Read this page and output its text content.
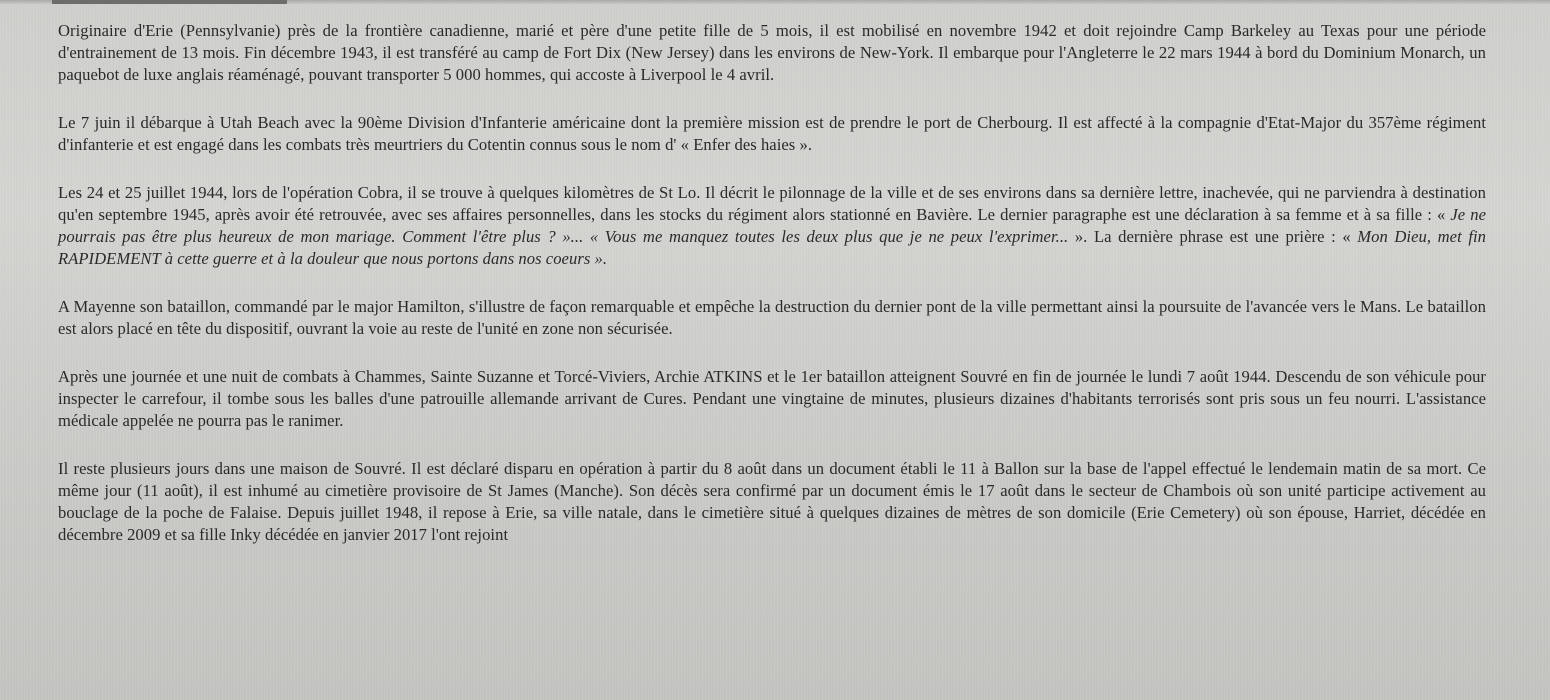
Originaire d'Erie (Pennsylvanie) près de la frontière canadienne, marié et père d'une petite fille de 5 mois, il est mobilisé en novembre 1942 et doit rejoindre Camp Barkeley au Texas pour une période d'entrainement de 13 mois. Fin décembre 1943, il est transféré au camp de Fort Dix (New Jersey) dans les environs de New-York. Il embarque pour l'Angleterre le 22 mars 1944 à bord du Dominium Monarch, un paquebot de luxe anglais réaménagé, pouvant transporter 5 000 hommes, qui accoste à Liverpool le 4 avril.

Le 7 juin il débarque à Utah Beach avec la 90ème Division d'Infanterie américaine dont la première mission est de prendre le port de Cherbourg. Il est affecté à la compagnie d'Etat-Major du 357ème régiment d'infanterie et est engagé dans les combats très meurtriers du Cotentin connus sous le nom d' « Enfer des haies ».

Les 24 et 25 juillet 1944, lors de l'opération Cobra, il se trouve à quelques kilomètres de St Lo. Il décrit le pilonnage de la ville et de ses environs dans sa dernière lettre, inachevée, qui ne parviendra à destination qu'en septembre 1945, après avoir été retrouvée, avec ses affaires personnelles, dans les stocks du régiment alors stationné en Bavière. Le dernier paragraphe est une déclaration à sa femme et à sa fille : « Je ne pourrais pas être plus heureux de mon mariage. Comment l'être plus ? »... « Vous me manquez toutes les deux plus que je ne peux l'exprimer... ». La dernière phrase est une prière : « Mon Dieu, met fin RAPIDEMENT à cette guerre et à la douleur que nous portons dans nos coeurs ».

A Mayenne son bataillon, commandé par le major Hamilton, s'illustre de façon remarquable et empêche la destruction du dernier pont de la ville permettant ainsi la poursuite de l'avancée vers le Mans. Le bataillon est alors placé en tête du dispositif, ouvrant la voie au reste de l'unité en zone non sécurisée.

Après une journée et une nuit de combats à Chammes, Sainte Suzanne et Torcé-Viviers, Archie ATKINS et le 1er bataillon atteignent Souvré en fin de journée le lundi 7 août 1944. Descendu de son véhicule pour inspecter le carrefour, il tombe sous les balles d'une patrouille allemande arrivant de Cures. Pendant une vingtaine de minutes, plusieurs dizaines d'habitants terrorisés sont pris sous un feu nourri. L'assistance médicale appelée ne pourra pas le ranimer.

Il reste plusieurs jours dans une maison de Souvré. Il est déclaré disparu en opération à partir du 8 août dans un document établi le 11 à Ballon sur la base de l'appel effectué le lendemain matin de sa mort. Ce même jour (11 août), il est inhumé au cimetière provisoire de St James (Manche). Son décès sera confirmé par un document émis le 17 août dans le secteur de Chambois où son unité participe activement au bouclage de la poche de Falaise. Depuis juillet 1948, il repose à Erie, sa ville natale, dans le cimetière situé à quelques dizaines de mètres de son domicile (Erie Cemetery) où son épouse, Harriet, décédée en décembre 2009 et sa fille Inky décédée en janvier 2017 l'ont rejoint
